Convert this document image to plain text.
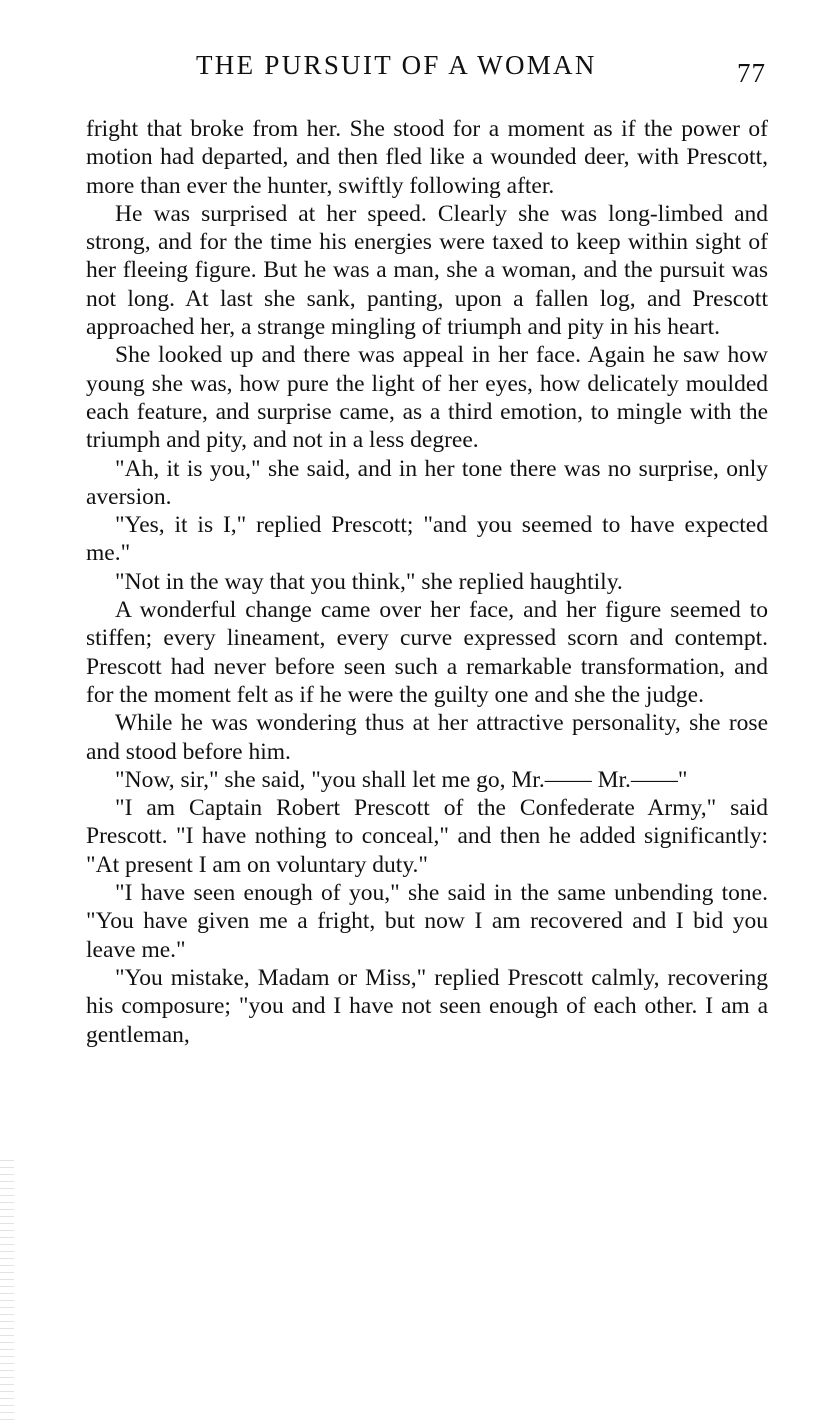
THE PURSUIT OF A WOMAN	77

fright that broke from her. She stood for a moment as if the power of motion had departed, and then fled like a wounded deer, with Prescott, more than ever the hunter, swiftly following after.

He was surprised at her speed. Clearly she was long-limbed and strong, and for the time his energies were taxed to keep within sight of her fleeing figure. But he was a man, she a woman, and the pursuit was not long. At last she sank, panting, upon a fallen log, and Prescott approached her, a strange mingling of triumph and pity in his heart.

She looked up and there was appeal in her face. Again he saw how young she was, how pure the light of her eyes, how delicately moulded each feature, and surprise came, as a third emotion, to mingle with the triumph and pity, and not in a less degree.

"Ah, it is you," she said, and in her tone there was no surprise, only aversion.

"Yes, it is I," replied Prescott; "and you seemed to have expected me."

"Not in the way that you think," she replied haughtily.

A wonderful change came over her face, and her figure seemed to stiffen; every lineament, every curve expressed scorn and contempt. Prescott had never before seen such a remarkable transformation, and for the moment felt as if he were the guilty one and she the judge.

While he was wondering thus at her attractive personality, she rose and stood before him.

"Now, sir," she said, "you shall let me go, Mr.—— Mr.——"

"I am Captain Robert Prescott of the Confederate Army," said Prescott. "I have nothing to conceal," and then he added significantly: "At present I am on voluntary duty."

"I have seen enough of you," she said in the same unbending tone. "You have given me a fright, but now I am recovered and I bid you leave me."

"You mistake, Madam or Miss," replied Prescott calmly, recovering his composure; "you and I have not seen enough of each other. I am a gentleman,
